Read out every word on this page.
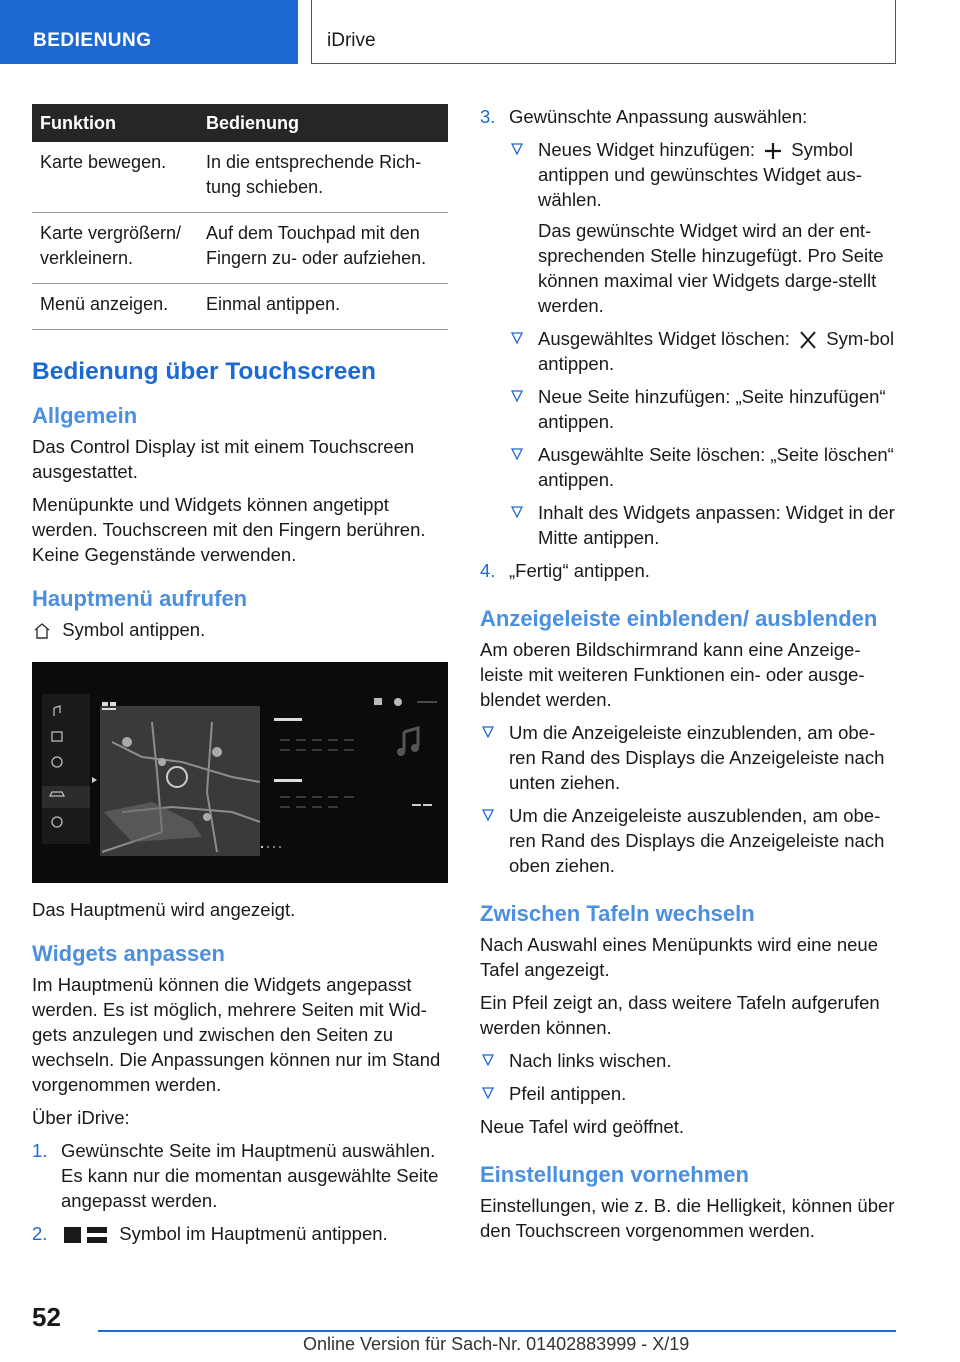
BEDIENUNG	iDrive
Funktion	Bedienung
Karte bewegen.	In die entsprechende Rich-tung schieben.
Karte vergrößern/ verkleinern.	Auf dem Touchpad mit den Fingern zu- oder aufziehen.
Menü anzeigen.	Einmal antippen.
Bedienung über Touchscreen
Allgemein

Das Control Display ist mit einem Touchscreen ausgestattet.

Menüpunkte und Widgets können angetippt werden. Touchscreen mit den Fingern berühren. Keine Gegenstände verwenden.

Hauptmenü aufrufen

Symbol antippen.

Das Hauptmenü wird angezeigt.

Widgets anpassen

Im Hauptmenü können die Widgets angepasst werden. Es ist möglich, mehrere Seiten mit Wid-gets anzulegen und zwischen den Seiten zu wechseln. Die Anpassungen können nur im Stand vorgenommen werden.

Über iDrive:

1. Gewünschte Seite im Hauptmenü auswählen. Es kann nur die momentan ausgewählte Seite angepasst werden.
2.	Symbol im Hauptmenü antippen.
3. Gewünschte Anpassung auswählen:
Neues Widget hinzufügen: Symbol antippen und gewünschtes Widget aus-wählen.

Das gewünschte Widget wird an der ent-sprechenden Stelle hinzugefügt. Pro Seite können maximal vier Widgets darge-stellt werden.

Ausgewähltes Widget löschen: Sym-bol antippen.
Neue Seite hinzufügen: „Seite hinzufügen“ antippen.
Ausgewählte Seite löschen: „Seite löschen“ antippen.
Inhalt des Widgets anpassen: Widget in der Mitte antippen.
4. „Fertig“ antippen.
Anzeigeleiste einblenden/ ausblenden

Am oberen Bildschirmrand kann eine Anzeige-leiste mit weiteren Funktionen ein- oder ausge-blendet werden.

Um die Anzeigeleiste einzublenden, am obe-ren Rand des Displays die Anzeigeleiste nach unten ziehen.
Um die Anzeigeleiste auszublenden, am obe-ren Rand des Displays die Anzeigeleiste nach oben ziehen.
Zwischen Tafeln wechseln

Nach Auswahl eines Menüpunkts wird eine neue Tafel angezeigt.

Ein Pfeil zeigt an, dass weitere Tafeln aufgerufen werden können.

Nach links wischen.
Pfeil antippen.

Neue Tafel wird geöffnet.

Einstellungen vornehmen

Einstellungen, wie z. B. die Helligkeit, können über den Touchscreen vorgenommen werden.

52
Online Version für Sach-Nr. 01402883999 - X/19
